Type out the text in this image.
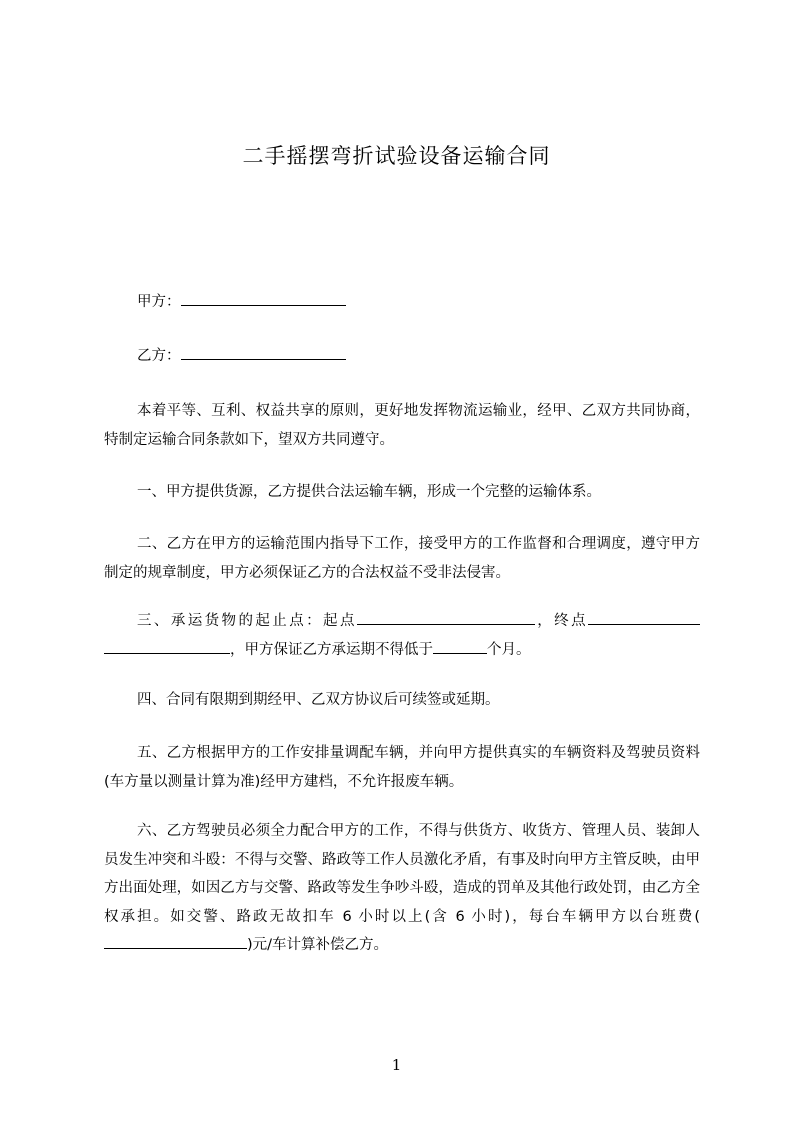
二手摇摆弯折试验设备运输合同
甲方：
乙方：

本着平等、互利、权益共享的原则，更好地发挥物流运输业，经甲、乙双方共同协商，特制定运输合同条款如下，望双方共同遵守。

一、甲方提供货源，乙方提供合法运输车辆，形成一个完整的运输体系。

二、乙方在甲方的运输范围内指导下工作，接受甲方的工作监督和合理调度，遵守甲方制定的规章制度，甲方必须保证乙方的合法权益不受非法侵害。

三、承运货物的起止点：起点	，终点，甲方保证乙方承运期不得低于	个月。

四、合同有限期到期经甲、乙双方协议后可续签或延期。

五、乙方根据甲方的工作安排量调配车辆，并向甲方提供真实的车辆资料及驾驶员资料(车方量以测量计算为准)经甲方建档，不允许报废车辆。

六、乙方驾驶员必须全力配合甲方的工作，不得与供货方、收货方、管理人员、装卸人员发生冲突和斗殴：不得与交警、路政等工作人员激化矛盾，有事及时向甲方主管反映，由甲方出面处理，如因乙方与交警、路政等发生争吵斗殴，造成的罚单及其他行政处罚，由乙方全权承担。如交警、路政无故扣车 6 小时以上(含 6 小时)，每台车辆甲方以台班费()元/车计算补偿乙方。

1
